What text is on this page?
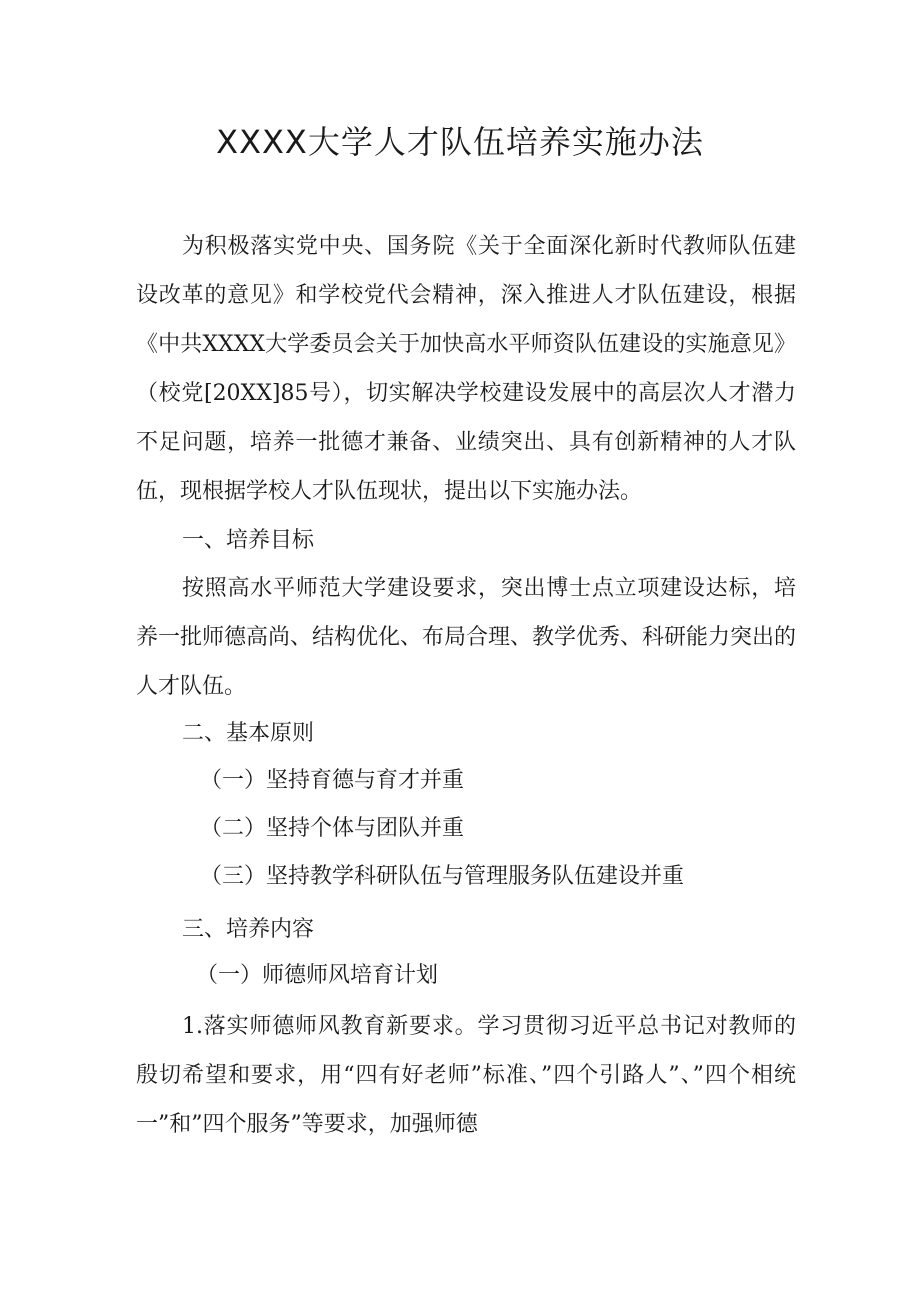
XXXX大学人才队伍培养实施办法

为积极落实党中央、国务院《关于全面深化新时代教师队伍建设改革的意见》和学校党代会精神，深入推进人才队伍建设，根据《中共XXXX大学委员会关于加快高水平师资队伍建设的实施意见》（校党[20XX]85号），切实解决学校建设发展中的高层次人才潜力不足问题，培养一批德才兼备、业绩突出、具有创新精神的人才队伍，现根据学校人才队伍现状，提出以下实施办法。

一、培养目标

按照高水平师范大学建设要求，突出博士点立项建设达标，培养一批师德高尚、结构优化、布局合理、教学优秀、科研能力突出的人才队伍。

二、基本原则

（一）坚持育德与育才并重

（二）坚持个体与团队并重

（三）坚持教学科研队伍与管理服务队伍建设并重

三、培养内容

（一）师德师风培育计划

1.落实师德师风教育新要求。学习贯彻习近平总书记对教师的殷切希望和要求，用“四有好老师”标准、”四个引路人”、”四个相统一”和”四个服务”等要求，加强师德
